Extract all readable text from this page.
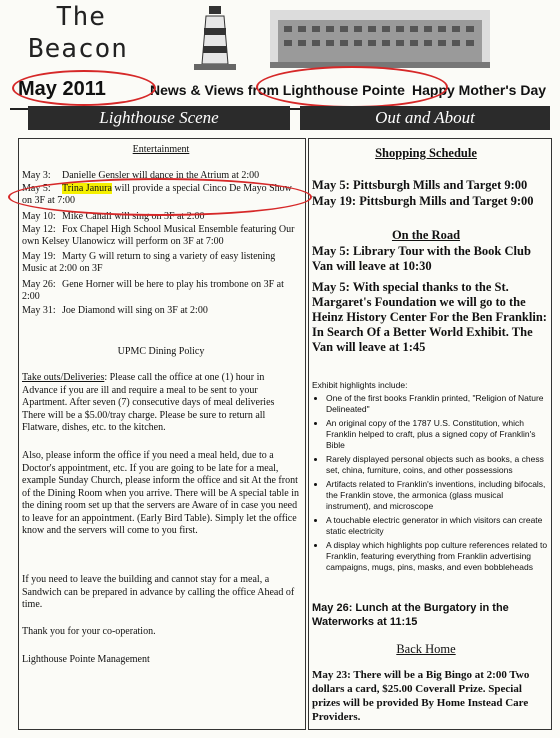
The
Beacon
May 2011	News & Views from Lighthouse Pointe Happy Mother's Day
Lighthouse Scene	Out and About
Entertainment
May 3: Danielle Gensler will dance in the Atrium at 2:00
May 5: Trina Janura will provide a special Cinco De Mayo Show on 3F at 7:00
May 10: Mike Canali will sing on 3F at 2:00
May 12: Fox Chapel High School Musical Ensemble featuring Our own Kelsey Ulanowicz will perform on 3F at 7:00
May 19: Marty G will return to sing a variety of easy listening Music at 2:00 on 3F
May 26: Gene Horner will be here to play his trombone on 3F at 2:00
May 31: Joe Diamond will sing on 3F at 2:00
UPMC Dining Policy
Take outs/Deliveries: Please call the office at one (1) hour in Advance if you are ill and require a meal to be sent to your Apartment. After seven (7) consecutive days of meal deliveries There will be a $5.00/tray charge. Please be sure to return all Flatware, dishes, etc. to the kitchen.
Also, please inform the office if you need a meal held, due to a Doctor's appointment, etc. If you are going to be late for a meal, example Sunday Church, please inform the office and sit At the front of the Dining Room when you arrive. There will be A special table in the dining room set up that the servers are Aware of in case you need to leave for an appointment. (Early Bird Table). Simply let the office know and the servers will come to you first.
If you need to leave the building and cannot stay for a meal, a Sandwich can be prepared in advance by calling the office Ahead of time.
Thank you for your co-operation.
Lighthouse Pointe Management
Shopping Schedule
May 5: Pittsburgh Mills and Target 9:00
May 19: Pittsburgh Mills and Target 9:00
On the Road
May 5: Library Tour with the Book Club Van will leave at 10:30
May 5: With special thanks to the St. Margaret's Foundation we will go to the Heinz History Center For the Ben Franklin: In Search Of a Better World Exhibit. The Van will leave at 1:45
Exhibit highlights include:
• One of the first books Franklin printed, "Religion of Nature Delineated"
• An original copy of the 1787 U.S. Constitution, which Franklin helped to craft, plus a signed copy of Franklin's Bible
• Rarely displayed personal objects such as books, a chess set, china, furniture, coins, and other possessions
• Artifacts related to Franklin's inventions, including bifocals, the Franklin stove, the armonica (glass musical instrument), and microscope
• A touchable electric generator in which visitors can create static electricity
• A display which highlights pop culture references related to Franklin, featuring everything from Franklin advertising campaigns, mugs, pins, masks, and even bobbleheads
May 26: Lunch at the Burgatory in the Waterworks at 11:15
Back Home
May 23: There will be a Big Bingo at 2:00 Two dollars a card, $25.00 Coverall Prize. Special prizes will be provided By Home Instead Care Providers.
